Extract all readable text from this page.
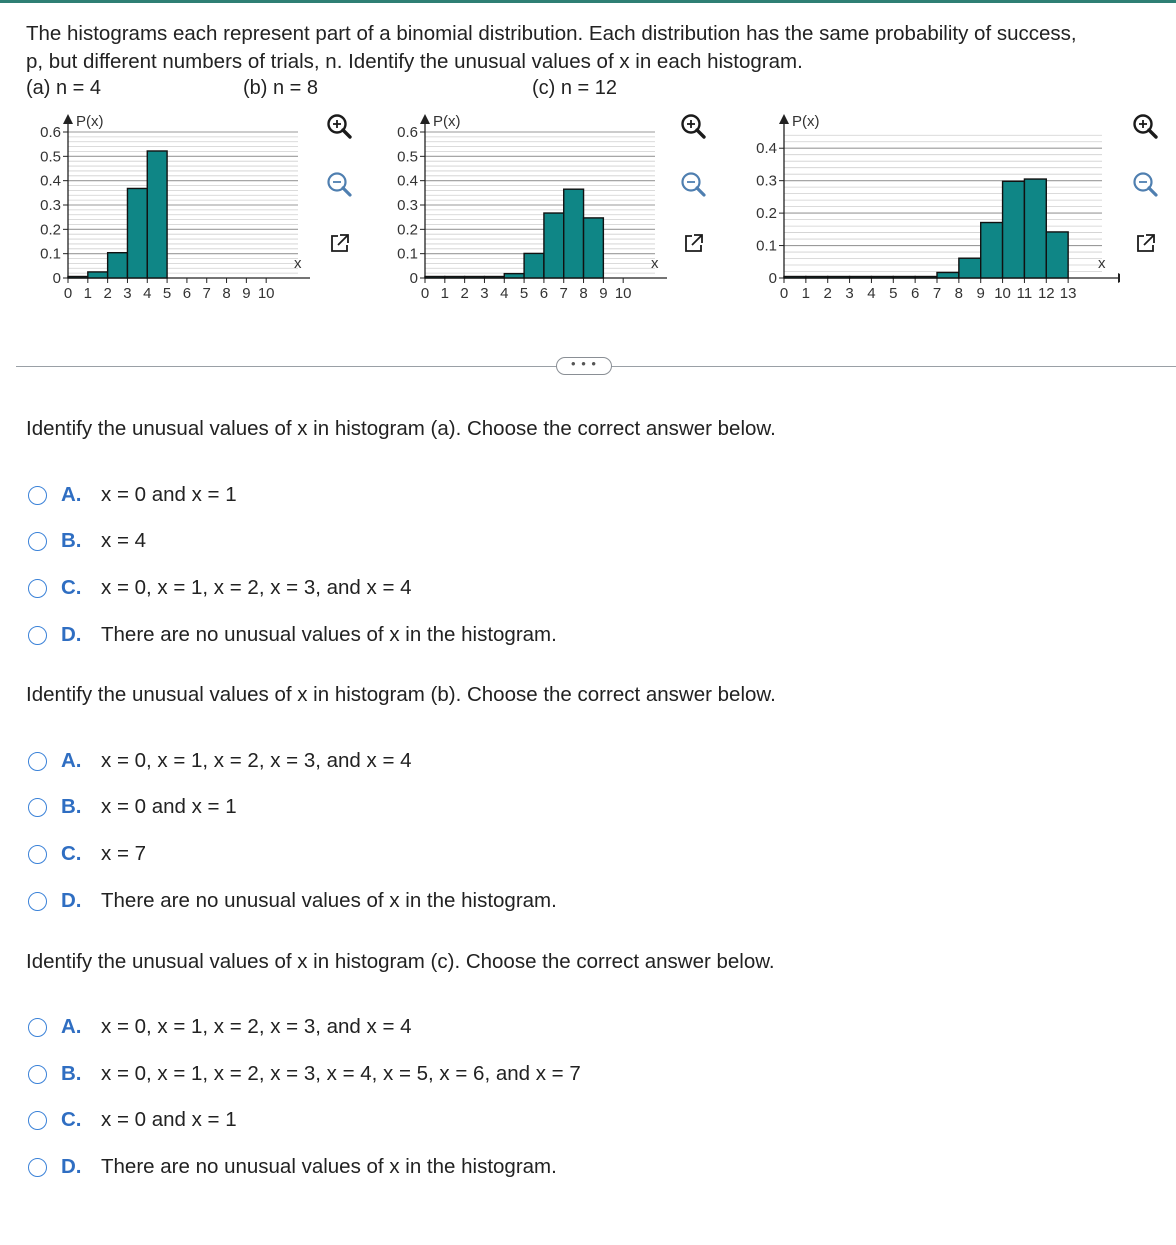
The histograms each represent part of a binomial distribution. Each distribution has the same probability of success,

p, but different numbers of trials, n. Identify the unusual values of x in each histogram.

(a) n = 4	(b) n = 8	(c) n = 12
0
0.1
0.2
0.3
0.4
0.5
0.6
0 1 2 3 4 5 6 7 8 9 10
P(x)
x
0
0.1
0.2
0.3
0.4
0.5
0.6
0 1 2 3 4 5 6 7 8 9 10
P(x)
x
0
0.1
0.2
0.3
0.4
0 1 2 3 4 5 6 7 8 9 10 11 12 13
P(x)
x
• • •
Identify the unusual values of x in histogram (a). Choose the correct answer below.
A. x = 0 and x = 1
B. x = 4
C. x = 0, x = 1, x = 2, x = 3, and x = 4
D. There are no unusual values of x in the histogram.
Identify the unusual values of x in histogram (b). Choose the correct answer below.
A. x = 0, x = 1, x = 2, x = 3, and x = 4
B. x = 0 and x = 1
C. x = 7
D. There are no unusual values of x in the histogram.
Identify the unusual values of x in histogram (c). Choose the correct answer below.
A. x = 0, x = 1, x = 2, x = 3, and x = 4
B. x = 0, x = 1, x = 2, x = 3, x = 4, x = 5, x = 6, and x = 7
C. x = 0 and x = 1
D. There are no unusual values of x in the histogram.
